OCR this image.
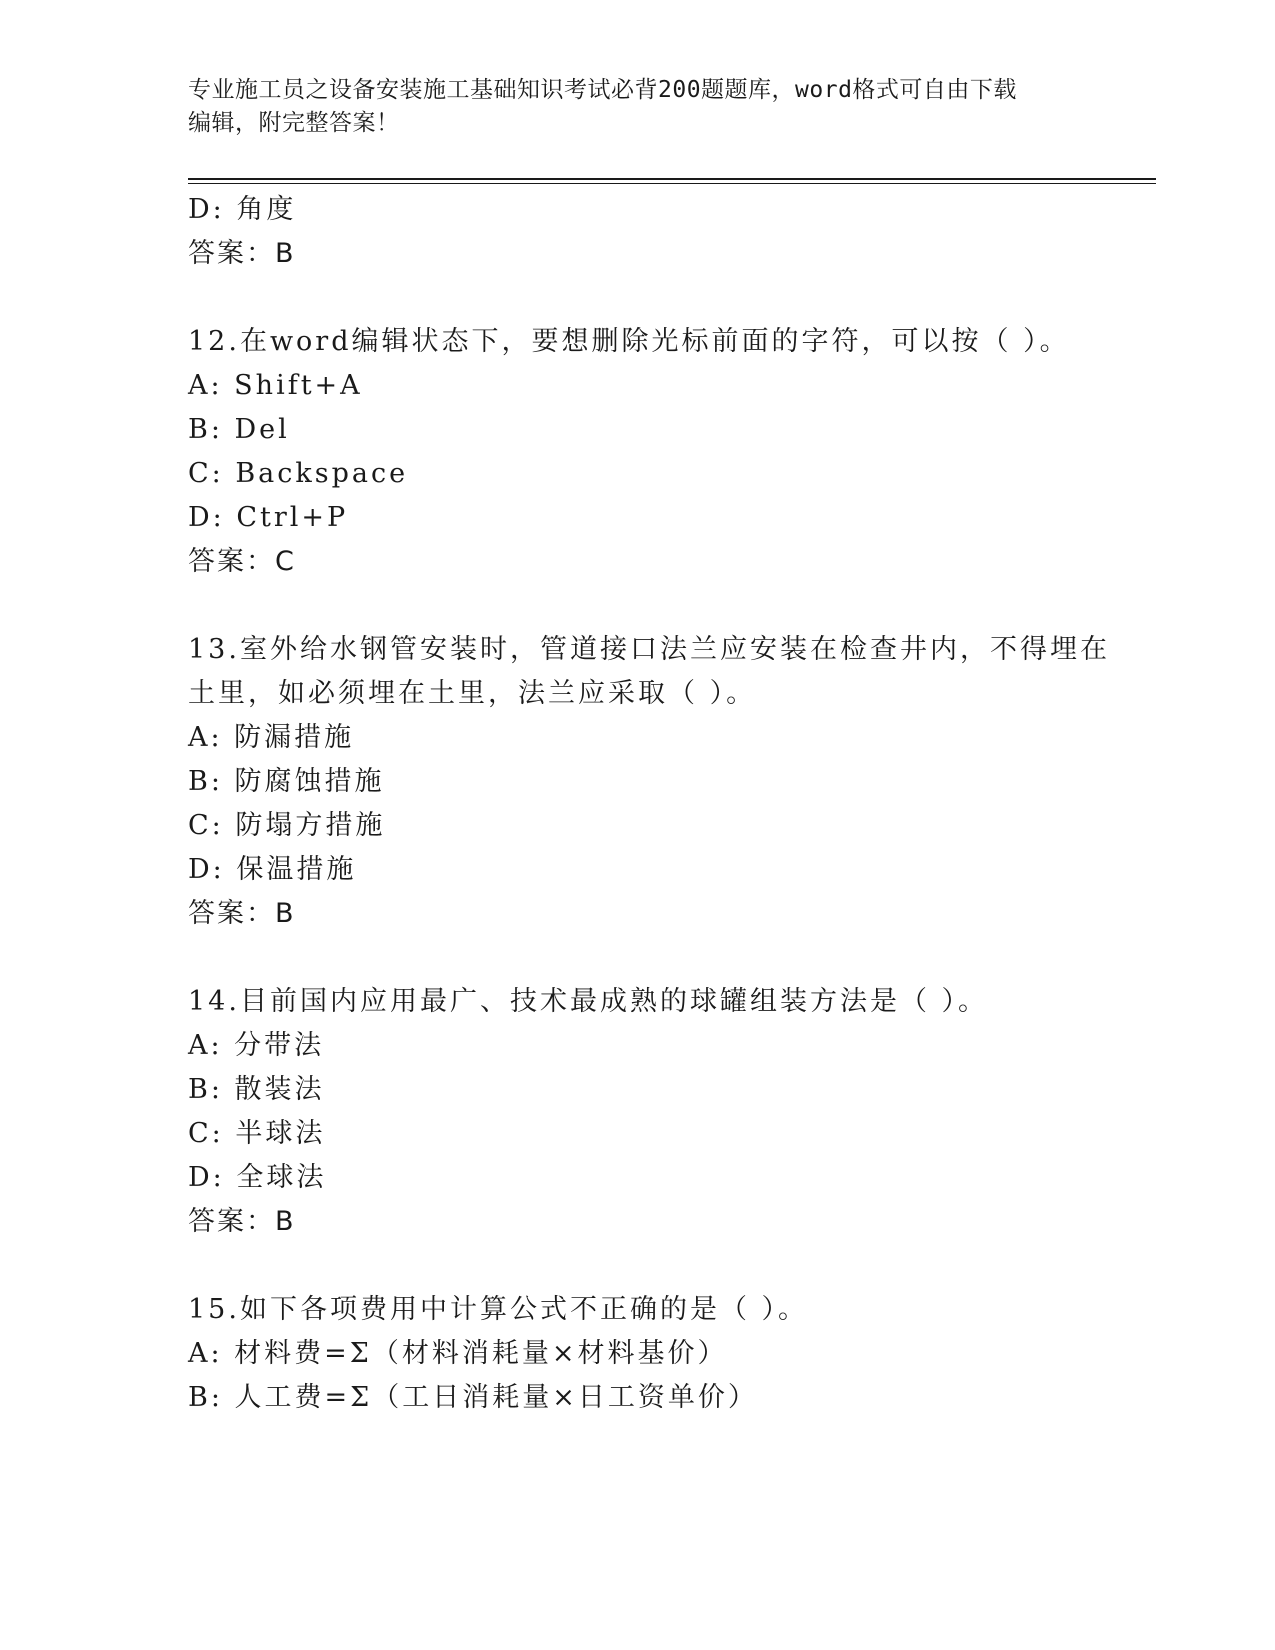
专业施工员之设备安装施工基础知识考试必背200题题库，word格式可自由下载
编辑，附完整答案！
D: 角度
答案：B
12.在word编辑状态下，要想删除光标前面的字符，可以按（ ）。
A: Shift+A
B: Del
C: Backspace
D: Ctrl+P
答案：C
13.室外给水钢管安装时，管道接口法兰应安装在检查井内，不得埋在
土里，如必须埋在土里，法兰应采取（ ）。
A: 防漏措施
B: 防腐蚀措施
C: 防塌方措施
D: 保温措施
答案：B
14.目前国内应用最广、技术最成熟的球罐组装方法是（ ）。
A: 分带法
B: 散装法
C: 半球法
D: 全球法
答案：B
15.如下各项费用中计算公式不正确的是（ ）。
A: 材料费=Σ（材料消耗量×材料基价）
B: 人工费=Σ（工日消耗量×日工资单价）
